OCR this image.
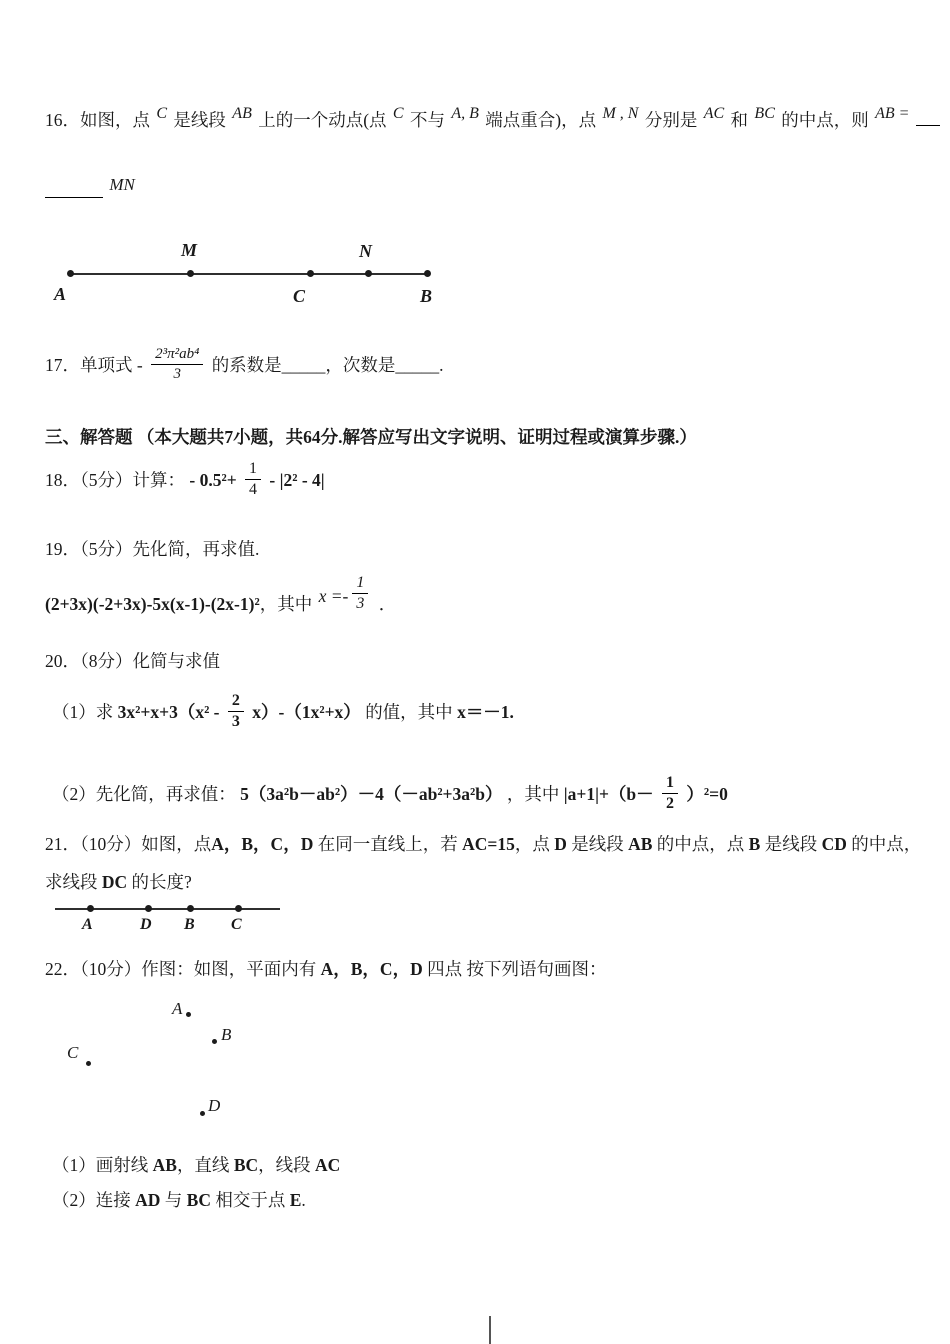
16．如图，点 C 是线段 AB 上的一个动点(点 C 不与 A, B 端点重合)，点 M , N 分别是 AC 和 BC 的中点，则 AB =
MN
M	N
A	C	B
17．单项式 - $\frac{\text{2³π²ab⁴}}{3}$ 的系数是_____，次数是_____.
三、解答题 （本大题共7小题，共64分.解答应写出文字说明、证明过程或演算步骤.）
18．（5分）计算： - $0.5^2+ \frac{1}{4} - |2^2 - 4|$
19．（5分）先化简，再求值.
(2+3x)(-2+3x)-5x(x-1)-(2x-1)²，其中 $x =- \frac{1}{3}$ ．
20．（8分）化简与求值
（1）求 $3x^2+x+3(x^2 - \frac{2}{3} x)-(1x^2+x)$ 的值，其中 x＝－1.
（2）先化简，再求值： 5（3a²b－ab²）－4（－ab²+3a²b） ，其中 $|a+1|+(b- \frac{1}{2} )^2=0$
21．（10分）如图，点A，B，C，D 在同一直线上，若 AC=15，点 D 是线段 AB 的中点，点 B 是线段 CD 的中点，
求线段 DC 的长度?
A	D B C
22．（10分）作图：如图，平面内有 A，B，C，D 四点 按下列语句画图：
A
B
C
D
（1）画射线 AB，直线 BC，线段 AC
（2）连接 AD 与 BC 相交于点 E.
